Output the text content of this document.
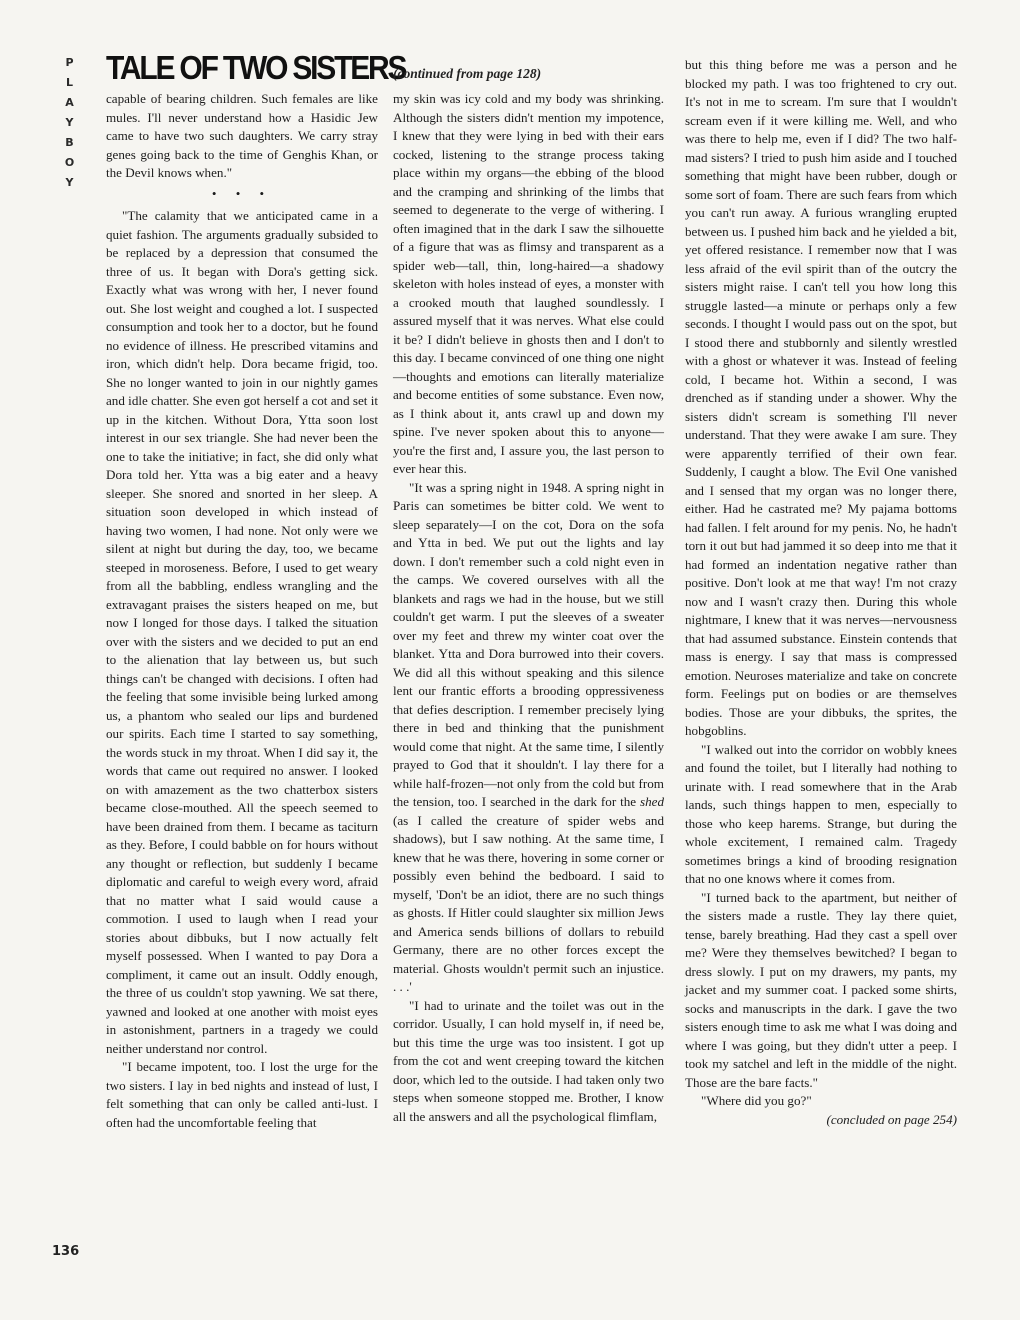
PLAYBOY
136
TALE OF TWO SISTERS
(continued from page 128)

capable of bearing children. Such females are like mules. I'll never understand how a Hasidic Jew came to have two such daughters. We carry stray genes going back to the time of Genghis Khan, or the Devil knows when."

• • •

"The calamity that we anticipated came in a quiet fashion. The arguments gradually subsided to be replaced by a depression that consumed the three of us. It began with Dora's getting sick. Exactly what was wrong with her, I never found out. She lost weight and coughed a lot. I suspected consumption and took her to a doctor, but he found no evidence of illness. He prescribed vitamins and iron, which didn't help. Dora became frigid, too. She no longer wanted to join in our nightly games and idle chatter. She even got herself a cot and set it up in the kitchen. Without Dora, Ytta soon lost interest in our sex triangle. She had never been the one to take the initiative; in fact, she did only what Dora told her. Ytta was a big eater and a heavy sleeper. She snored and snorted in her sleep. A situation soon developed in which instead of having two women, I had none. Not only were we silent at night but during the day, too, we became steeped in moroseness. Before, I used to get weary from all the babbling, endless wrangling and the extravagant praises the sisters heaped on me, but now I longed for those days. I talked the situation over with the sisters and we decided to put an end to the alienation that lay between us, but such things can't be changed with decisions. I often had the feeling that some invisible being lurked among us, a phantom who sealed our lips and burdened our spirits. Each time I started to say something, the words stuck in my throat. When I did say it, the words that came out required no answer. I looked on with amazement as the two chatterbox sisters became close-mouthed. All the speech seemed to have been drained from them. I became as taciturn as they. Before, I could babble on for hours without any thought or reflection, but suddenly I became diplomatic and careful to weigh every word, afraid that no matter what I said would cause a commotion. I used to laugh when I read your stories about dibbuks, but I now actually felt myself possessed. When I wanted to pay Dora a compliment, it came out an insult. Oddly enough, the three of us couldn't stop yawning. We sat there, yawned and looked at one another with moist eyes in astonishment, partners in a tragedy we could neither understand nor control.

"I became impotent, too. I lost the urge for the two sisters. I lay in bed nights and instead of lust, I felt something that can only be called anti-lust. I often had the uncomfortable feeling that

my skin was icy cold and my body was shrinking. Although the sisters didn't mention my impotence, I knew that they were lying in bed with their ears cocked, listening to the strange process taking place within my organs—the ebbing of the blood and the cramping and shrinking of the limbs that seemed to degenerate to the verge of withering. I often imagined that in the dark I saw the silhouette of a figure that was as flimsy and transparent as a spider web—tall, thin, long-haired—a shadowy skeleton with holes instead of eyes, a monster with a crooked mouth that laughed soundlessly. I assured myself that it was nerves. What else could it be? I didn't believe in ghosts then and I don't to this day. I became convinced of one thing one night—thoughts and emotions can literally materialize and become entities of some substance. Even now, as I think about it, ants crawl up and down my spine. I've never spoken about this to anyone—you're the first and, I assure you, the last person to ever hear this.

"It was a spring night in 1948. A spring night in Paris can sometimes be bitter cold. We went to sleep separately—I on the cot, Dora on the sofa and Ytta in bed. We put out the lights and lay down. I don't remember such a cold night even in the camps. We covered ourselves with all the blankets and rags we had in the house, but we still couldn't get warm. I put the sleeves of a sweater over my feet and threw my winter coat over the blanket. Ytta and Dora burrowed into their covers. We did all this without speaking and this silence lent our frantic efforts a brooding oppressiveness that defies description. I remember precisely lying there in bed and thinking that the punishment would come that night. At the same time, I silently prayed to God that it shouldn't. I lay there for a while half-frozen—not only from the cold but from the tension, too. I searched in the dark for the shed (as I called the creature of spider webs and shadows), but I saw nothing. At the same time, I knew that he was there, hovering in some corner or possibly even behind the bedboard. I said to myself, 'Don't be an idiot, there are no such things as ghosts. If Hitler could slaughter six million Jews and America sends billions of dollars to rebuild Germany, there are no other forces except the material. Ghosts wouldn't permit such an injustice. . . .'

"I had to urinate and the toilet was out in the corridor. Usually, I can hold myself in, if need be, but this time the urge was too insistent. I got up from the cot and went creeping toward the kitchen door, which led to the outside. I had taken only two steps when someone stopped me. Brother, I know all the answers and all the psychological flimflam,

but this thing before me was a person and he blocked my path. I was too frightened to cry out. It's not in me to scream. I'm sure that I wouldn't scream even if it were killing me. Well, and who was there to help me, even if I did? The two half-mad sisters? I tried to push him aside and I touched something that might have been rubber, dough or some sort of foam. There are such fears from which you can't run away. A furious wrangling erupted between us. I pushed him back and he yielded a bit, yet offered resistance. I remember now that I was less afraid of the evil spirit than of the outcry the sisters might raise. I can't tell you how long this struggle lasted—a minute or perhaps only a few seconds. I thought I would pass out on the spot, but I stood there and stubbornly and silently wrestled with a ghost or whatever it was. Instead of feeling cold, I became hot. Within a second, I was drenched as if standing under a shower. Why the sisters didn't scream is something I'll never understand. That they were awake I am sure. They were apparently terrified of their own fear. Suddenly, I caught a blow. The Evil One vanished and I sensed that my organ was no longer there, either. Had he castrated me? My pajama bottoms had fallen. I felt around for my penis. No, he hadn't torn it out but had jammed it so deep into me that it had formed an indentation negative rather than positive. Don't look at me that way! I'm not crazy now and I wasn't crazy then. During this whole nightmare, I knew that it was nerves—nervousness that had assumed substance. Einstein contends that mass is energy. I say that mass is compressed emotion. Neuroses materialize and take on concrete form. Feelings put on bodies or are themselves bodies. Those are your dibbuks, the sprites, the hobgoblins.

"I walked out into the corridor on wobbly knees and found the toilet, but I literally had nothing to urinate with. I read somewhere that in the Arab lands, such things happen to men, especially to those who keep harems. Strange, but during the whole excitement, I remained calm. Tragedy sometimes brings a kind of brooding resignation that no one knows where it comes from.

"I turned back to the apartment, but neither of the sisters made a rustle. They lay there quiet, tense, barely breathing. Had they cast a spell over me? Were they themselves bewitched? I began to dress slowly. I put on my drawers, my pants, my jacket and my summer coat. I packed some shirts, socks and manuscripts in the dark. I gave the two sisters enough time to ask me what I was doing and where I was going, but they didn't utter a peep. I took my satchel and left in the middle of the night. Those are the bare facts."

"Where did you go?"

(concluded on page 254)
